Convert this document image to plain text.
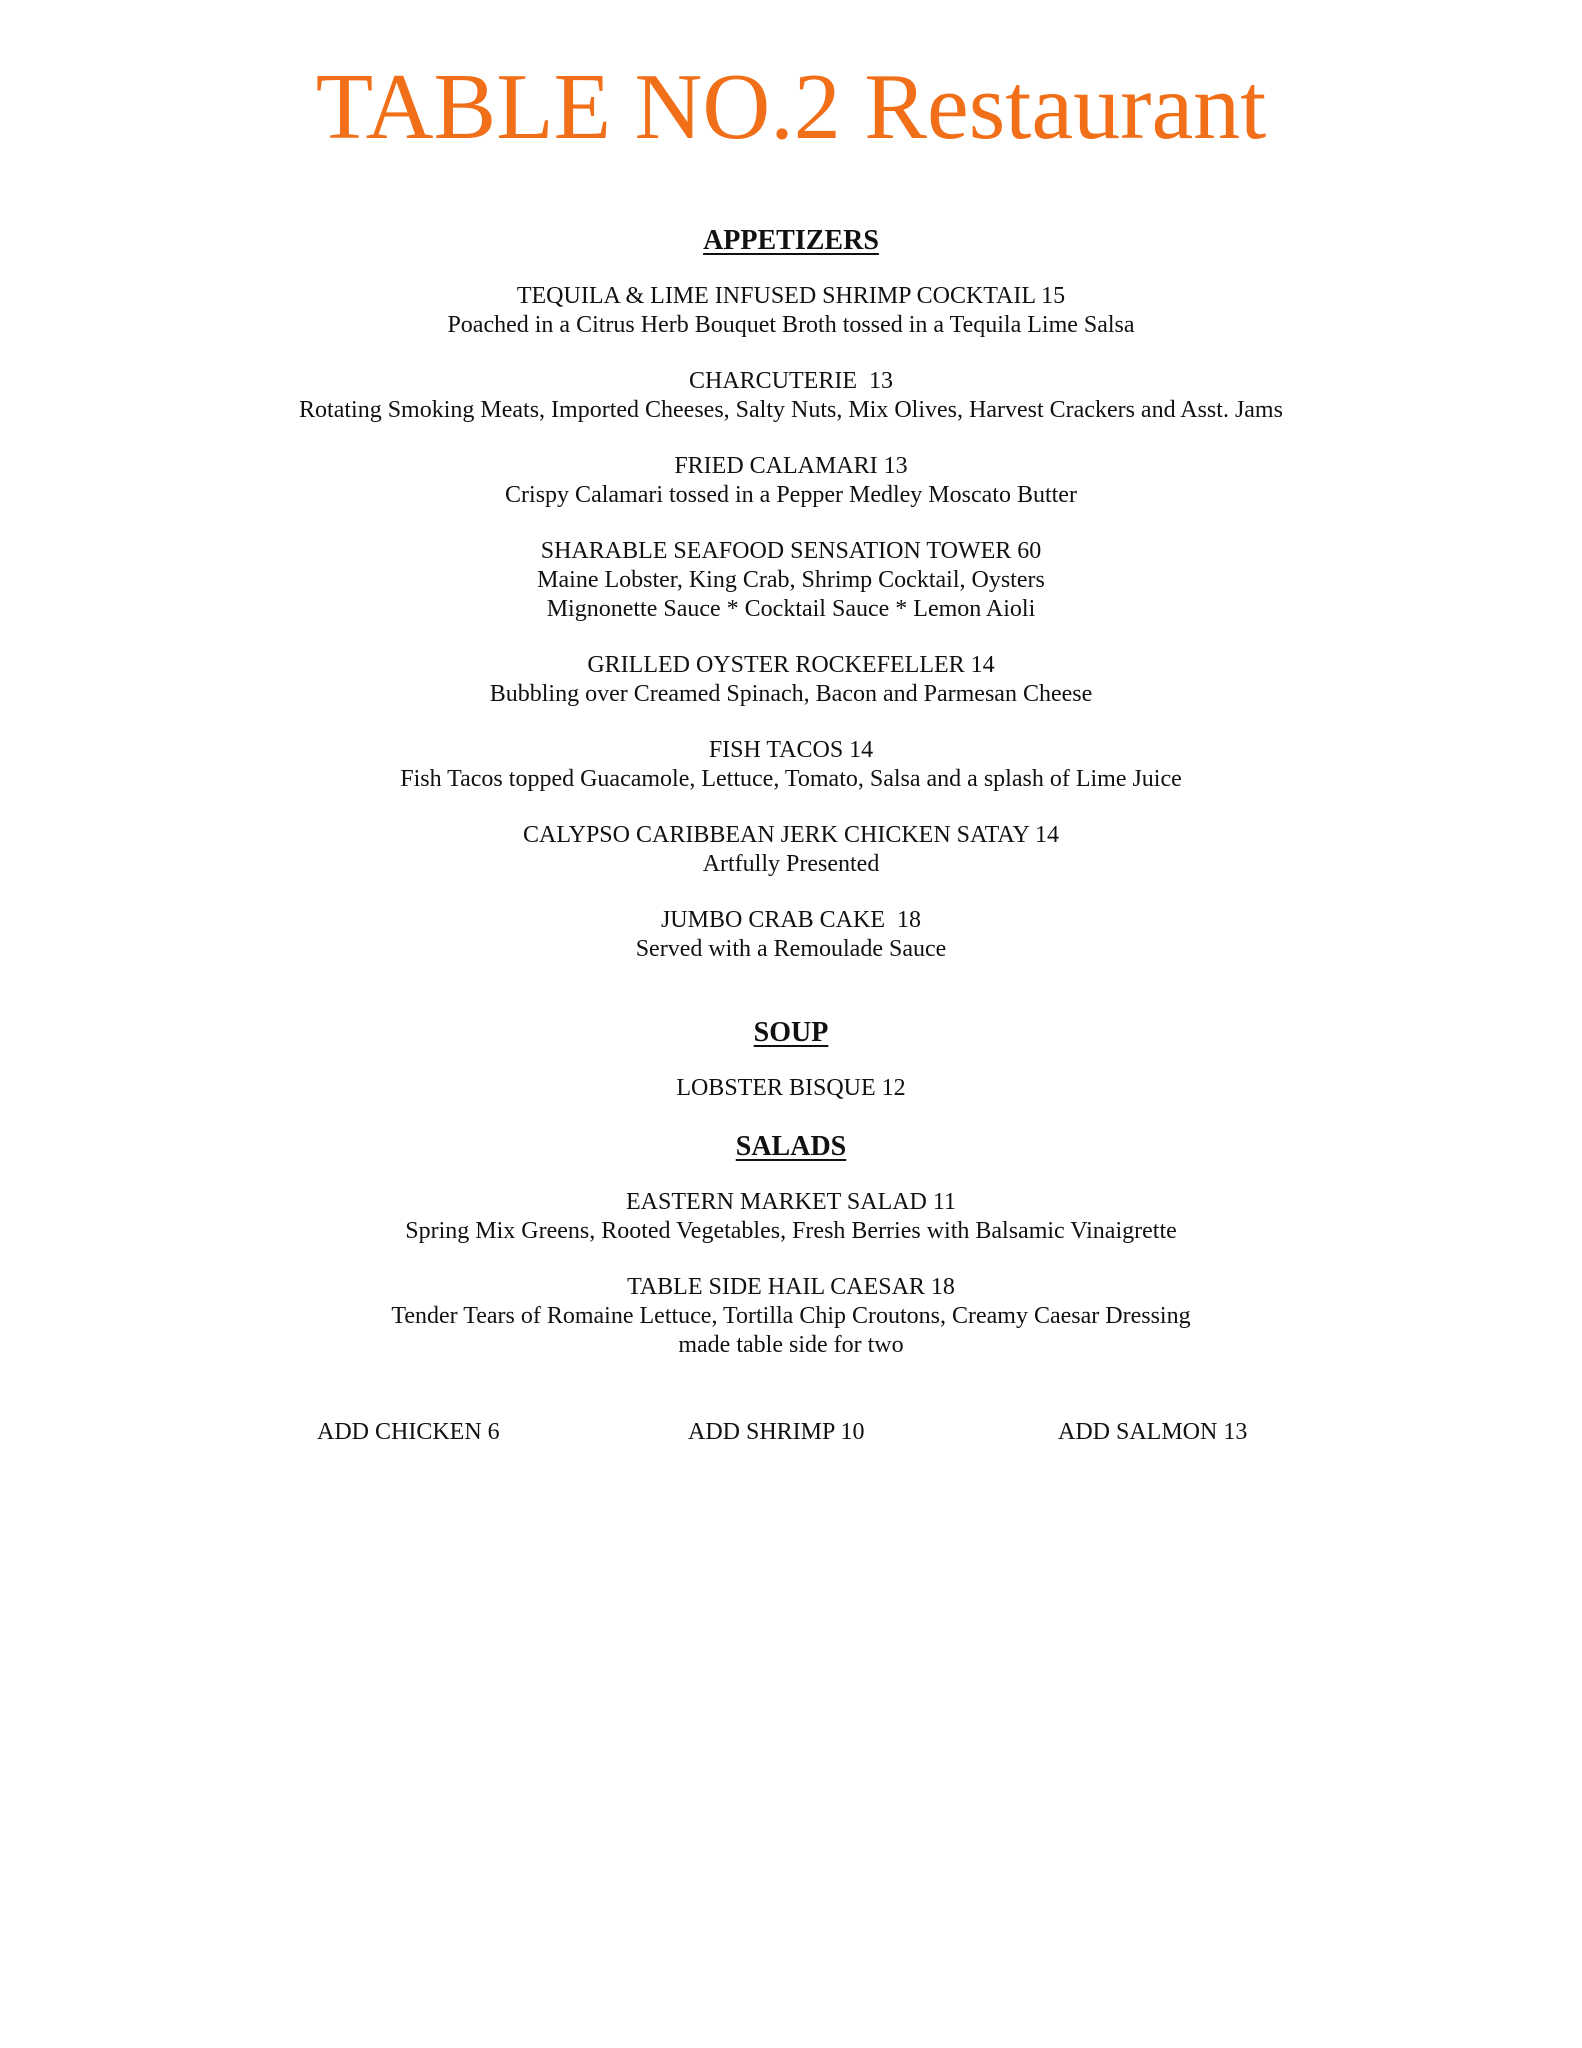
TABLE NO.2 Restaurant
APPETIZERS
TEQUILA & LIME INFUSED SHRIMP COCKTAIL 15
Poached in a Citrus Herb Bouquet Broth tossed in a Tequila Lime Salsa
CHARCUTERIE  13
Rotating Smoking Meats, Imported Cheeses, Salty Nuts, Mix Olives, Harvest Crackers and Asst. Jams
FRIED CALAMARI 13
Crispy Calamari tossed in a Pepper Medley Moscato Butter
SHARABLE SEAFOOD SENSATION TOWER 60
Maine Lobster, King Crab, Shrimp Cocktail, Oysters
Mignonette Sauce * Cocktail Sauce * Lemon Aioli
GRILLED OYSTER ROCKEFELLER 14
Bubbling over Creamed Spinach, Bacon and Parmesan Cheese
FISH TACOS 14
Fish Tacos topped Guacamole, Lettuce, Tomato, Salsa and a splash of Lime Juice
CALYPSO CARIBBEAN JERK CHICKEN SATAY 14
Artfully Presented
JUMBO CRAB CAKE  18
Served with a Remoulade Sauce
SOUP
LOBSTER BISQUE 12
SALADS
EASTERN MARKET SALAD 11
Spring Mix Greens, Rooted Vegetables, Fresh Berries with Balsamic Vinaigrette
TABLE SIDE HAIL CAESAR 18
Tender Tears of Romaine Lettuce, Tortilla Chip Croutons, Creamy Caesar Dressing
made table side for two
ADD CHICKEN 6	ADD SHRIMP 10	ADD SALMON 13
